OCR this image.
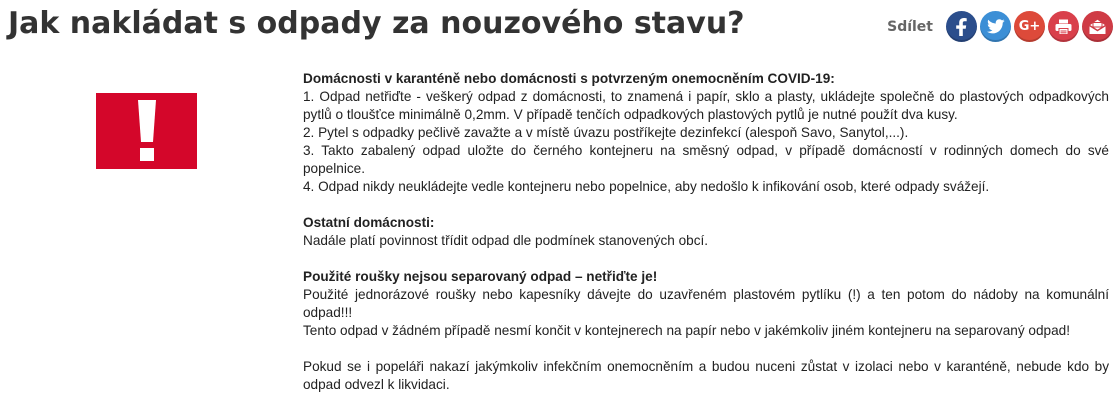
Jak nakládat s odpady za nouzového stavu?	Sdílet	G+

Domácnosti v karanténě nebo domácnosti s potvrzeným onemocněním COVID-19:

1. Odpad netřiďte - veškerý odpad z domácnosti, to znamená i papír, sklo a plasty, ukládejte společně do plastových odpadkových pytlů o tloušťce minimálně 0,2mm. V případě tenčích odpadkových plastových pytlů je nutné použít dva kusy.

2. Pytel s odpadky pečlivě zavažte a v místě úvazu postříkejte dezinfekcí (alespoň Savo, Sanytol,...).

3. Takto zabalený odpad uložte do černého kontejneru na směsný odpad, v případě domácností v rodinných domech do své popelnice.

4. Odpad nikdy neukládejte vedle kontejneru nebo popelnice, aby nedošlo k infikování osob, které odpady svážejí.

Ostatní domácnosti:

Nadále platí povinnost třídit odpad dle podmínek stanovených obcí.

Použité roušky nejsou separovaný odpad – netřiďte je!

Použité jednorázové roušky nebo kapesníky dávejte do uzavřeném plastovém pytlíku (!) a ten potom do nádoby na komunální odpad!!!

Tento odpad v žádném případě nesmí končit v kontejnerech na papír nebo v jakémkoliv jiném kontejneru na separovaný odpad!

Pokud se i popeláři nakazí jakýmkoliv infekčním onemocněním a budou nuceni zůstat v izolaci nebo v karanténě, nebude kdo by odpad odvezl k likvidaci.
